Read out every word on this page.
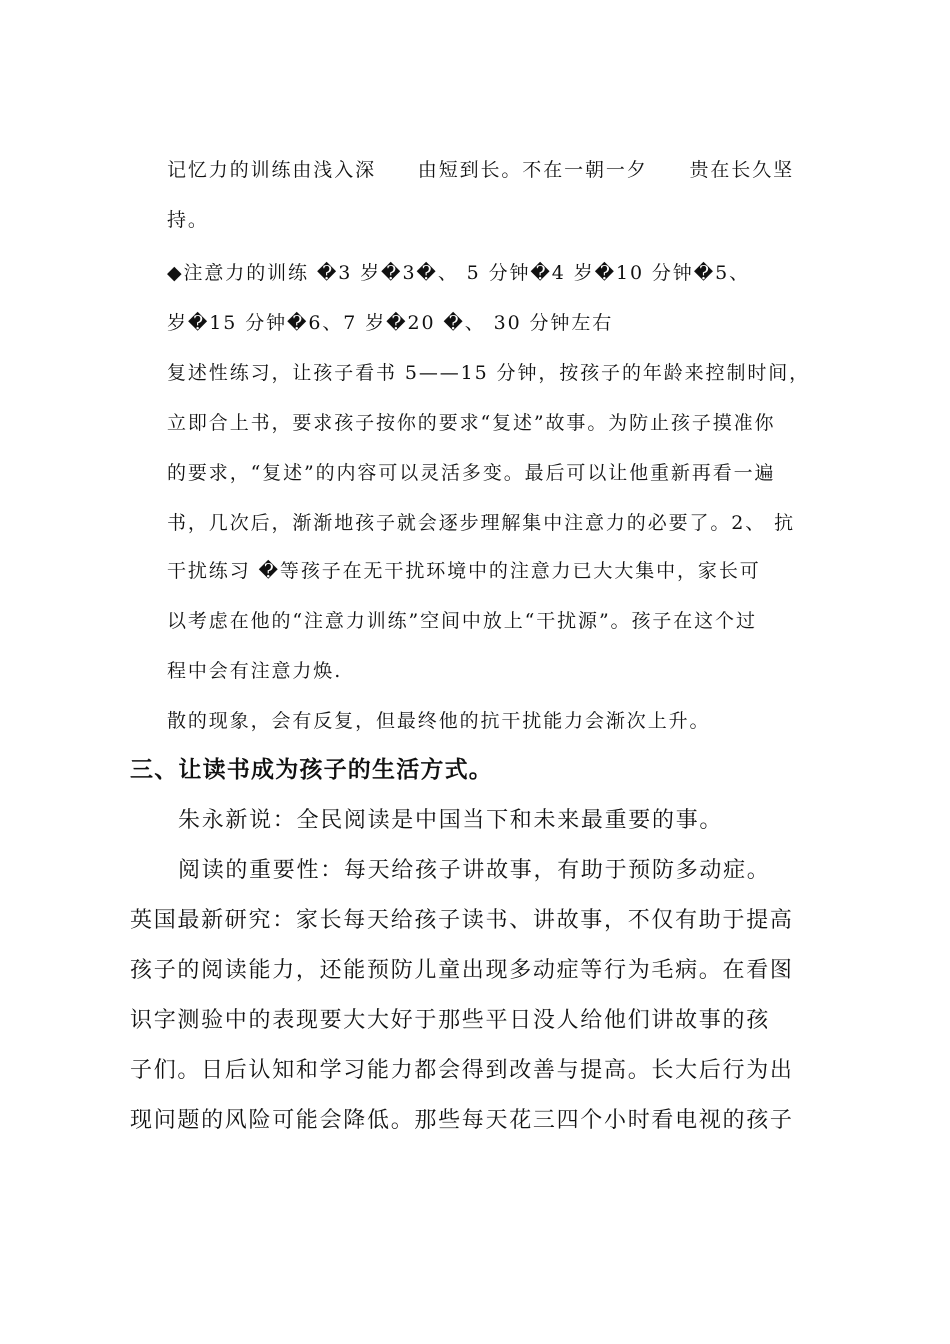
记忆力的训练由浅入深　　由短到长。不在一朝一夕　　贵在长久坚

持。

◆注意力的训练 �3 岁�3�、 5 分钟�4 岁�10 分钟�5、

岁�15 分钟�6、7 岁�20 �、 30 分钟左右

复述性练习，让孩子看书 5——15 分钟，按孩子的年龄来控制时间，

立即合上书，要求孩子按你的要求“复述”故事。为防止孩子摸准你

的要求，“复述”的内容可以灵活多变。最后可以让他重新再看一遍

书，几次后，渐渐地孩子就会逐步理解集中注意力的必要了。2、 抗

干扰练习 �等孩子在无干扰环境中的注意力已大大集中，家长可

以考虑在他的“注意力训练”空间中放上“干扰源”。孩子在这个过

程中会有注意力焕.

散的现象，会有反复，但最终他的抗干扰能力会渐次上升。

三、让读书成为孩子的生活方式。

朱永新说：全民阅读是中国当下和未来最重要的事。

阅读的重要性：每天给孩子讲故事，有助于预防多动症。

英国最新研究：家长每天给孩子读书、讲故事，不仅有助于提高

孩子的阅读能力，还能预防儿童出现多动症等行为毛病。在看图

识字测验中的表现要大大好于那些平日没人给他们讲故事的孩

子们。日后认知和学习能力都会得到改善与提高。长大后行为出

现问题的风险可能会降低。那些每天花三四个小时看电视的孩子
